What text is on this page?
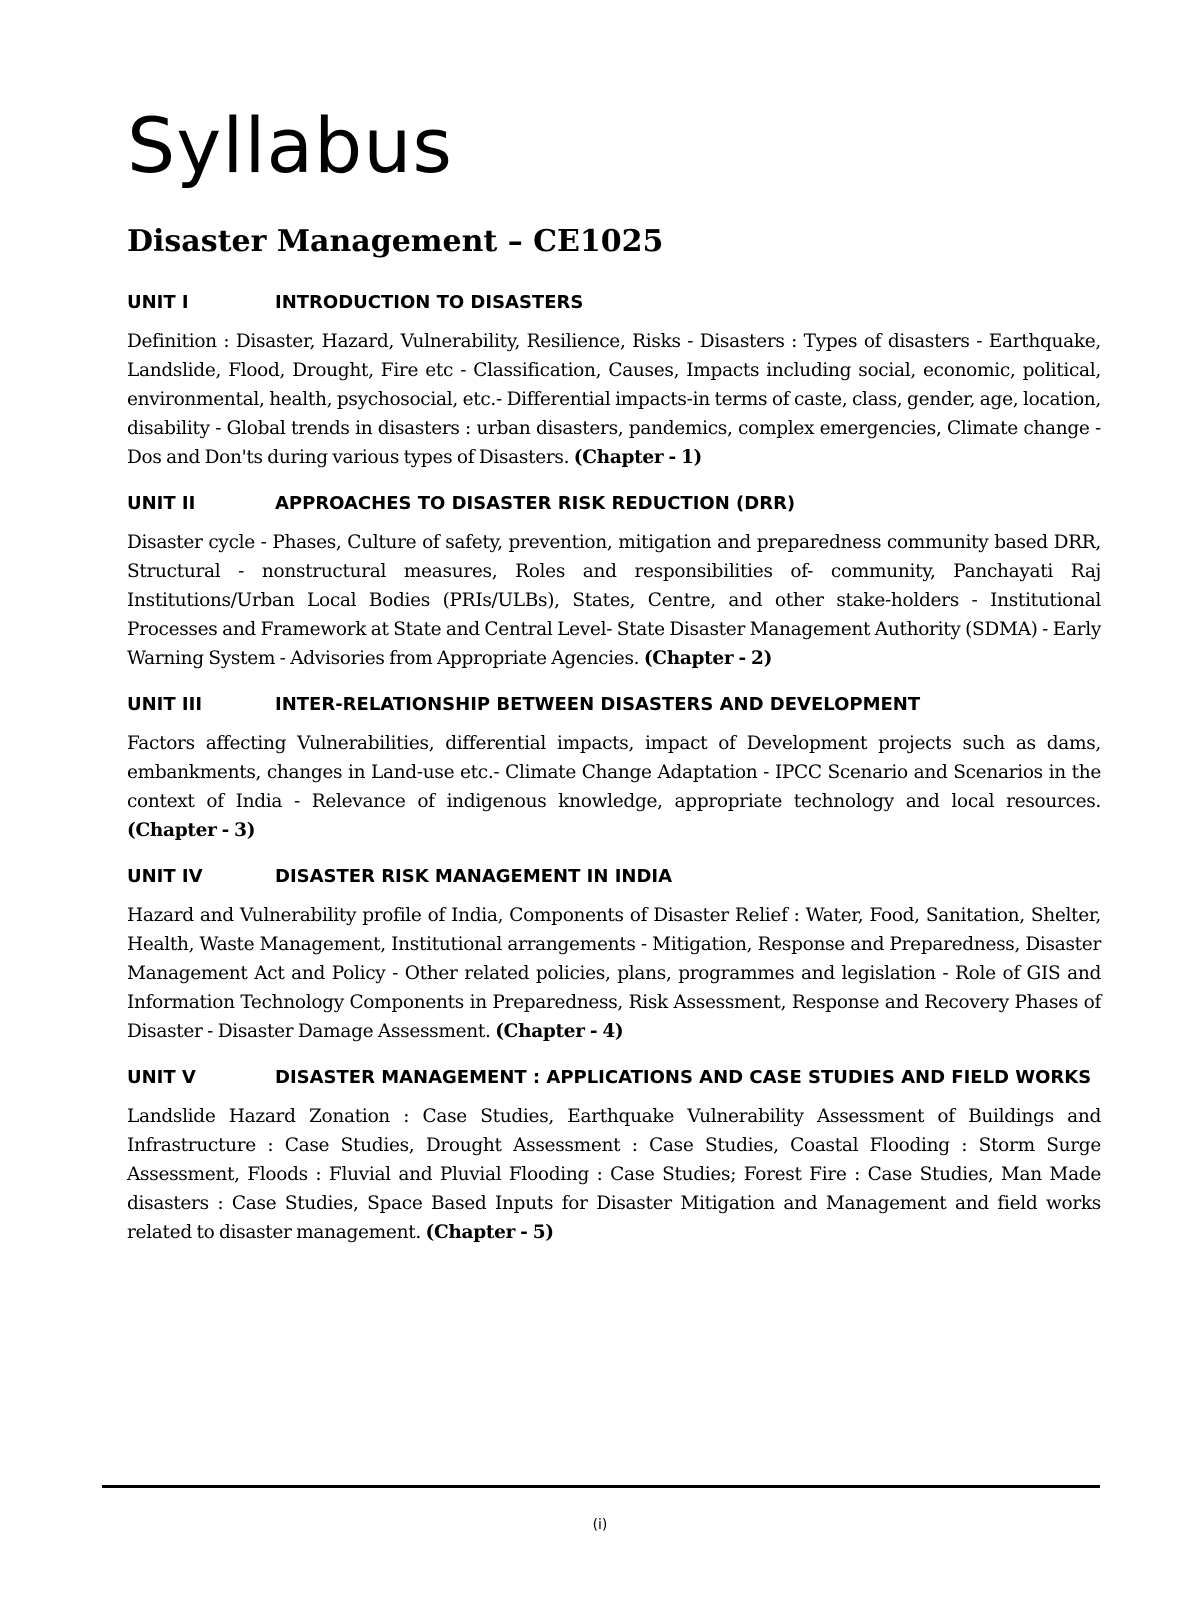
Syllabus
Disaster Management – CE1025
UNIT I	INTRODUCTION TO DISASTERS

Definition : Disaster, Hazard, Vulnerability, Resilience, Risks - Disasters : Types of disasters - Earthquake, Landslide, Flood, Drought, Fire etc - Classification, Causes, Impacts including social, economic, political, environmental, health, psychosocial, etc.- Differential impacts-in terms of caste, class, gender, age, location, disability - Global trends in disasters : urban disasters, pandemics, complex emergencies, Climate change - Dos and Don'ts during various types of Disasters. (Chapter - 1)

UNIT II	APPROACHES TO DISASTER RISK REDUCTION (DRR)

Disaster cycle - Phases, Culture of safety, prevention, mitigation and preparedness community based DRR, Structural - nonstructural measures, Roles and responsibilities of- community, Panchayati Raj Institutions/Urban Local Bodies (PRIs/ULBs), States, Centre, and other stake-holders - Institutional Processes and Framework at State and Central Level- State Disaster Management Authority (SDMA) - Early Warning System - Advisories from Appropriate Agencies. (Chapter - 2)

UNIT III	INTER-RELATIONSHIP BETWEEN DISASTERS AND DEVELOPMENT

Factors affecting Vulnerabilities, differential impacts, impact of Development projects such as dams, embankments, changes in Land-use etc.- Climate Change Adaptation - IPCC Scenario and Scenarios in the context of India - Relevance of indigenous knowledge, appropriate technology and local resources. (Chapter - 3)

UNIT IV	DISASTER RISK MANAGEMENT IN INDIA

Hazard and Vulnerability profile of India, Components of Disaster Relief : Water, Food, Sanitation, Shelter, Health, Waste Management, Institutional arrangements - Mitigation, Response and Preparedness, Disaster Management Act and Policy - Other related policies, plans, programmes and legislation - Role of GIS and Information Technology Components in Preparedness, Risk Assessment, Response and Recovery Phases of Disaster - Disaster Damage Assessment. (Chapter - 4)

UNIT V	DISASTER MANAGEMENT : APPLICATIONS AND CASE STUDIES AND FIELD WORKS

Landslide Hazard Zonation : Case Studies, Earthquake Vulnerability Assessment of Buildings and Infrastructure : Case Studies, Drought Assessment : Case Studies, Coastal Flooding : Storm Surge Assessment, Floods : Fluvial and Pluvial Flooding : Case Studies; Forest Fire : Case Studies, Man Made disasters : Case Studies, Space Based Inputs for Disaster Mitigation and Management and field works related to disaster management. (Chapter - 5)

(i)
